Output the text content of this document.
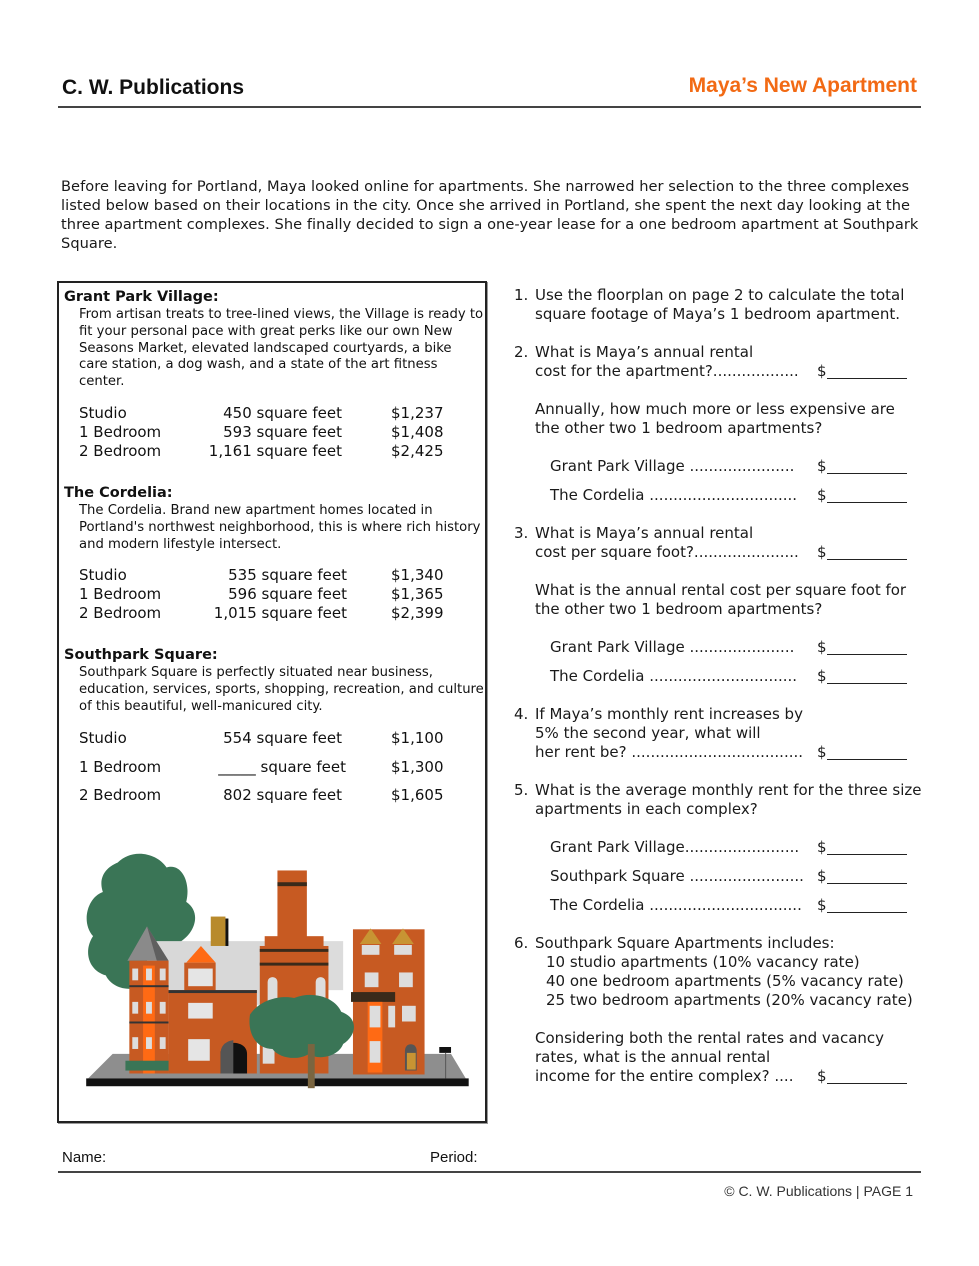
C. W. Publications	Maya’s New Apartment

Before leaving for Portland, Maya looked online for apartments. She narrowed her selection to the three complexes listed below based on their locations in the city. Once she arrived in Portland, she spent the next day looking at the three apartment complexes. She finally decided to sign a one-year lease for a one bedroom apartment at Southpark Square.

Grant Park Village:
From artisan treats to tree-lined views, the Village is ready to fit your personal pace with great perks like our own New Seasons Market, elevated landscaped courtyards, a bike care station, a dog wash, and a state of the art fitness center.
Studio	450 square feet	$1,237
1 Bedroom	593 square feet	$1,408
2 Bedroom	1,161 square feet	$2,425
The Cordelia:
The Cordelia. Brand new apartment homes located in Portland's northwest neighborhood, this is where rich history and modern lifestyle intersect.
Studio	535 square feet	$1,340
1 Bedroom	596 square feet	$1,365
2 Bedroom	1,015 square feet	$2,399
Southpark Square:
Southpark Square is perfectly situated near business, education, services, sports, shopping, recreation, and culture of this beautiful, well-manicured city.
Studio	554 square feet	$1,100
1 Bedroom	_____ square feet	$1,300
2 Bedroom	802 square feet	$1,605
1. Use the floorplan on page 2 to calculate the total square footage of Maya’s 1 bedroom apartment.
2. What is Maya’s annual rental
cost for the apartment?.................. $
Annually, how much more or less expensive are the other two 1 bedroom apartments?
Grant Park Village ...................... $
The Cordelia ............................... $
3. What is Maya’s annual rental
cost per square foot?...................... $
What is the annual rental cost per square foot for the other two 1 bedroom apartments?
Grant Park Village ...................... $
The Cordelia ............................... $
4. If Maya’s monthly rent increases by 5% the second year, what will
her rent be? .................................... $
5. What is the average monthly rent for the three size apartments in each complex?
Grant Park Village........................ $
Southpark Square ........................ $
The Cordelia ................................ $
6. Southpark Square Apartments includes:
10 studio apartments (10% vacancy rate)
40 one bedroom apartments (5% vacancy rate)
25 two bedroom apartments (20% vacancy rate)
Considering both the rental rates and vacancy rates, what is the annual rental
income for the entire complex? .... $
Name:	Period:
© C. W. Publications | PAGE 1
